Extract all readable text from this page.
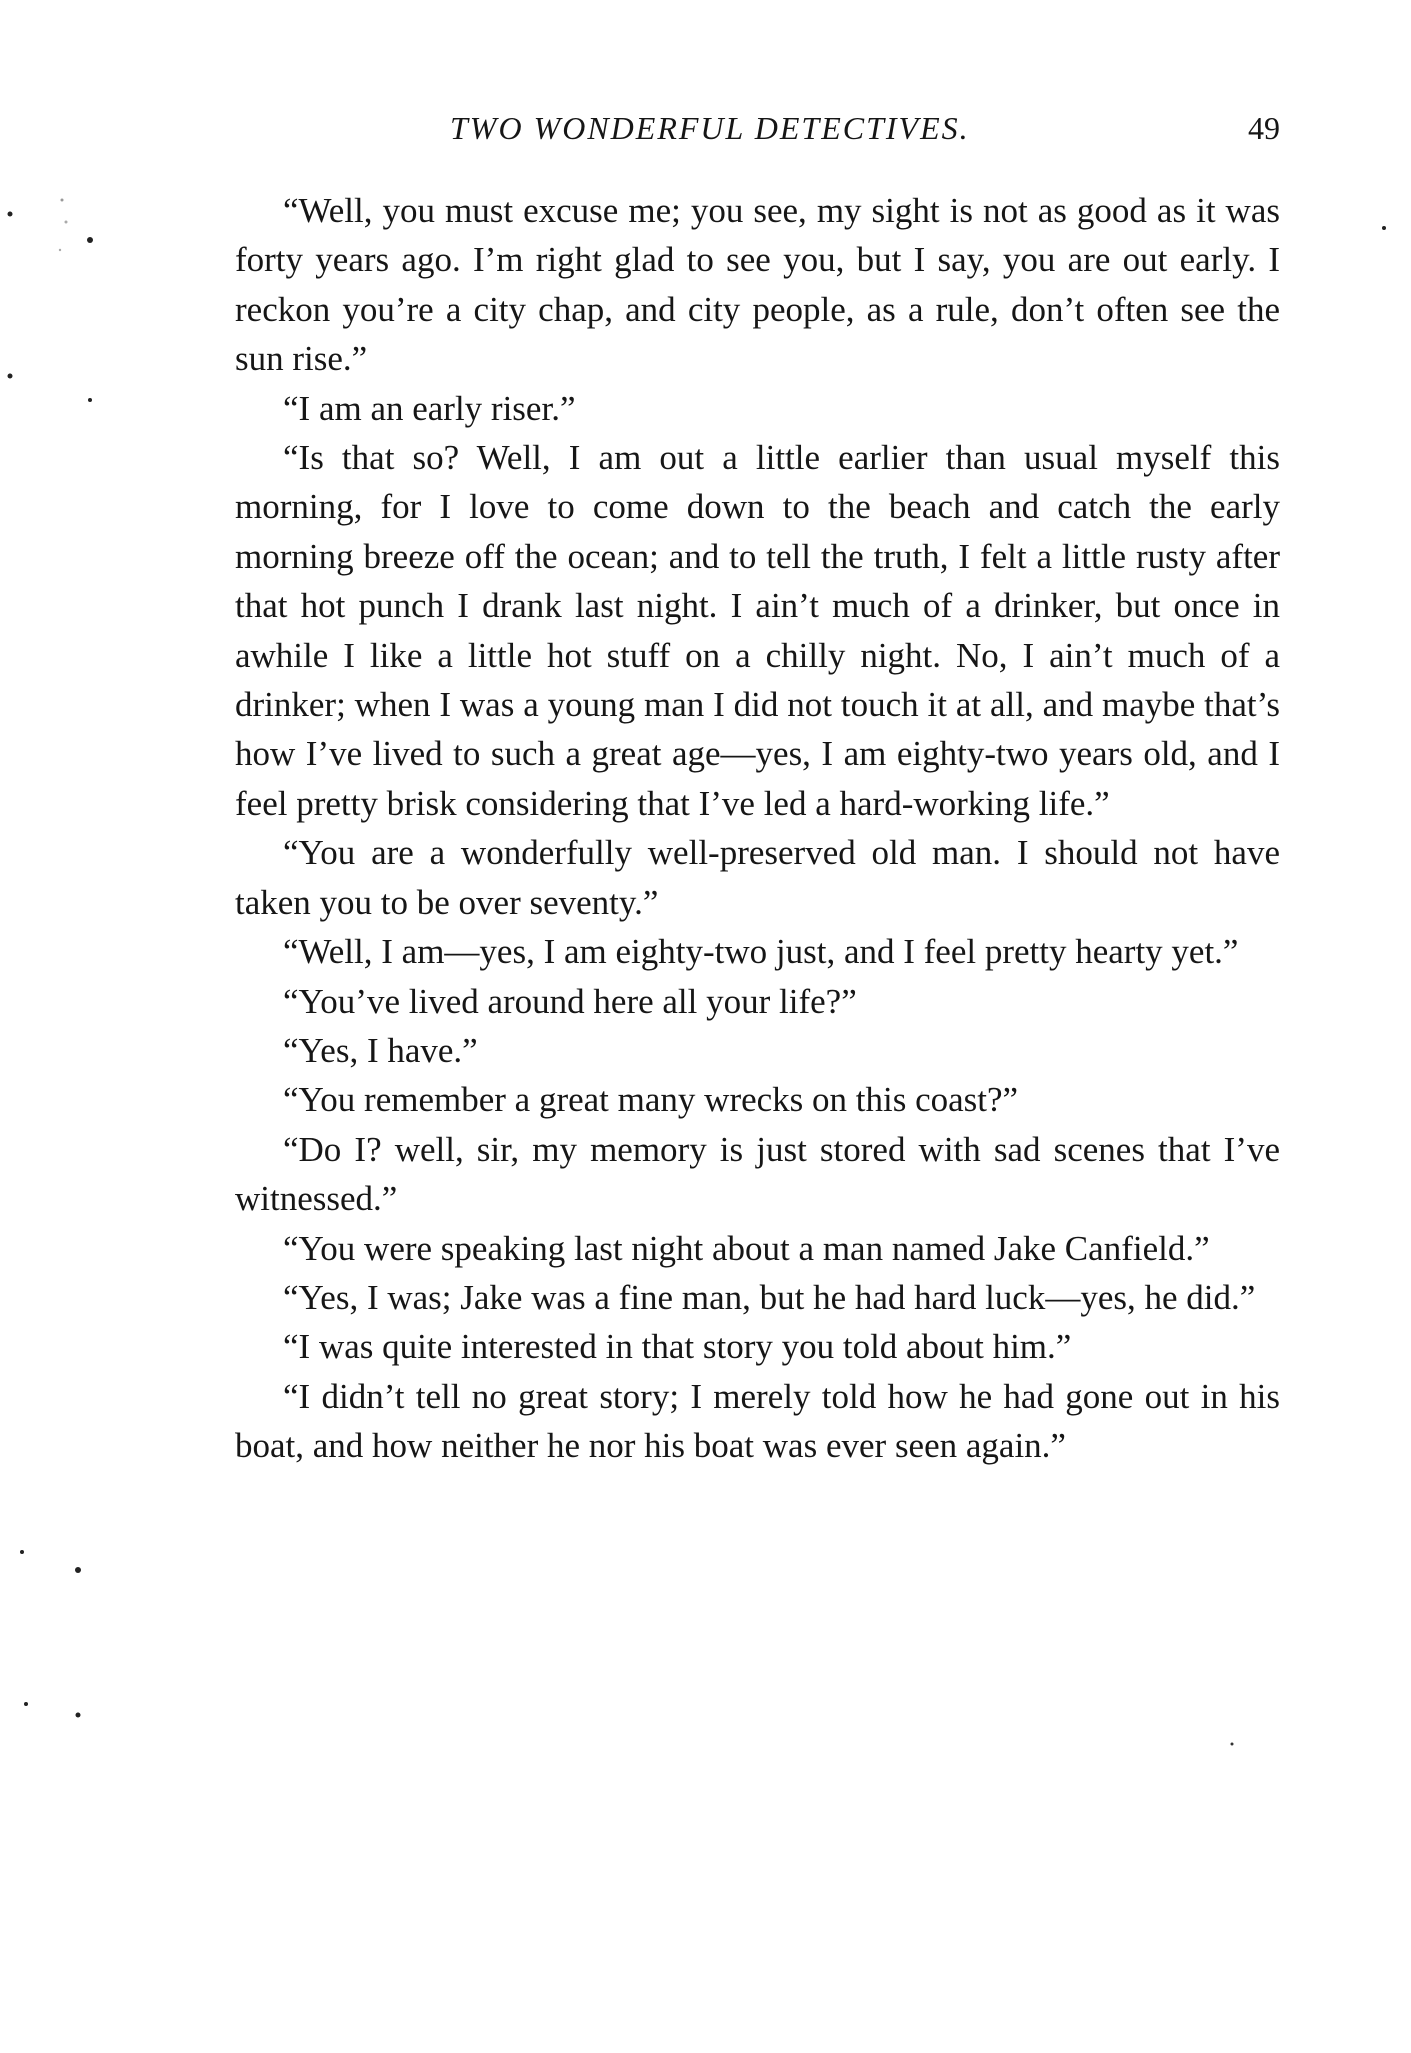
TWO WONDERFUL DETECTIVES.	49

“Well, you must excuse me; you see, my sight is not as good as it was forty years ago. I’m right glad to see you, but I say, you are out early. I reckon you’re a city chap, and city people, as a rule, don’t often see the sun rise.”

“I am an early riser.”

“Is that so? Well, I am out a little earlier than usual myself this morning, for I love to come down to the beach and catch the early morning breeze off the ocean; and to tell the truth, I felt a little rusty after that hot punch I drank last night. I ain’t much of a drinker, but once in awhile I like a little hot stuff on a chilly night. No, I ain’t much of a drinker; when I was a young man I did not touch it at all, and maybe that’s how I’ve lived to such a great age—yes, I am eighty-two years old, and I feel pretty brisk considering that I’ve led a hard-working life.”

“You are a wonderfully well-preserved old man. I should not have taken you to be over seventy.”

“Well, I am—yes, I am eighty-two just, and I feel pretty hearty yet.”

“You’ve lived around here all your life?”

“Yes, I have.”

“You remember a great many wrecks on this coast?”

“Do I? well, sir, my memory is just stored with sad scenes that I’ve witnessed.”

“You were speaking last night about a man named Jake Canfield.”

“Yes, I was; Jake was a fine man, but he had hard luck—yes, he did.”

“I was quite interested in that story you told about him.”

“I didn’t tell no great story; I merely told how he had gone out in his boat, and how neither he nor his boat was ever seen again.”
